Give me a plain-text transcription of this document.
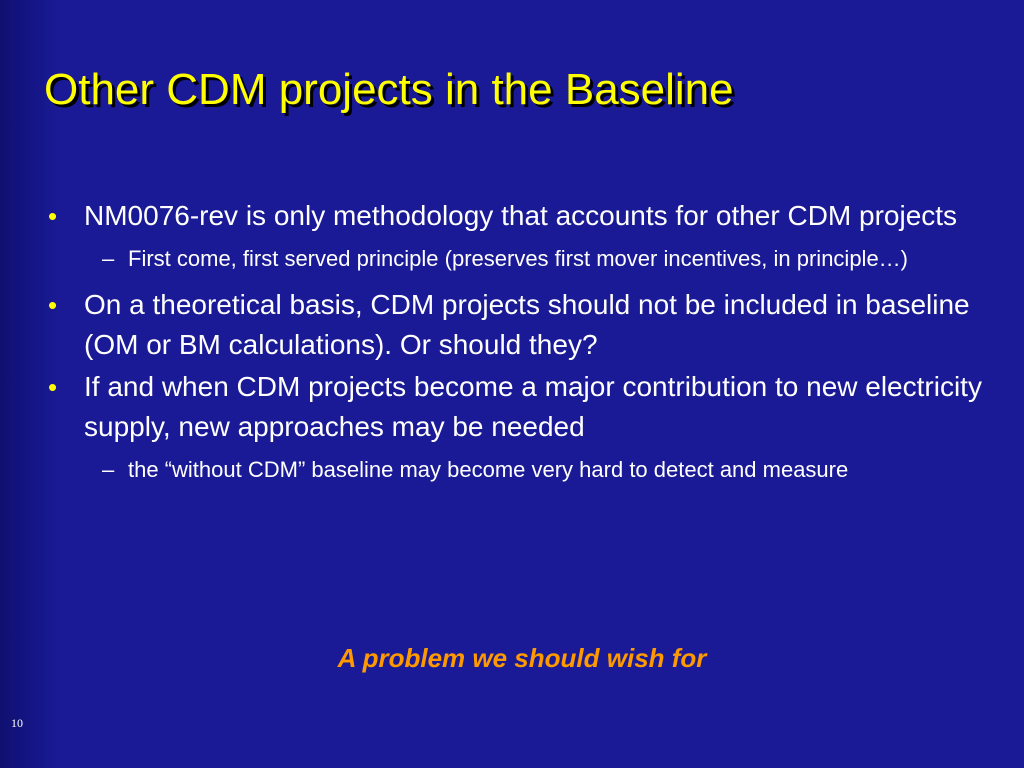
Other CDM projects in the Baseline
• NM0076-rev is only methodology that accounts for other CDM projects
– First come, first served principle (preserves first mover incentives, in principle…)
• On a theoretical basis, CDM projects should not be included in baseline (OM or BM calculations). Or should they?
• If and when CDM projects become a major contribution to new electricity supply, new approaches may be needed
– the “without CDM” baseline may become very hard to detect and measure
A problem we should wish for
10
